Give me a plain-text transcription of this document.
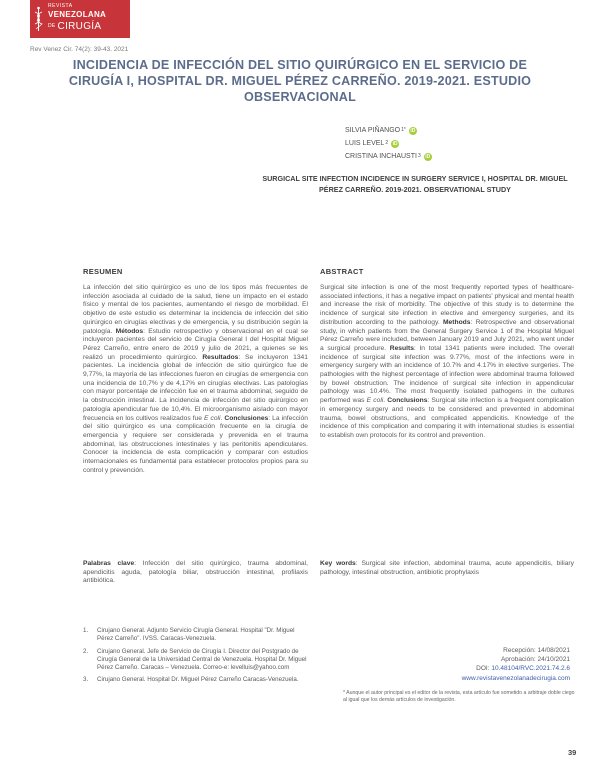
REVISTA
VENEZOLANA
DE CIRUGÍA
Rev Venez Cir. 74(2): 39-43. 2021
INCIDENCIA DE INFECCIÓN DEL SITIO QUIRÚRGICO EN EL SERVICIO DE CIRUGÍA I, HOSPITAL DR. MIGUEL PÉREZ CARREÑO. 2019-2021. ESTUDIO OBSERVACIONAL
SILVIA PIÑANGO 1* iD
LUIS LEVEL 2 iD
CRISTINA INCHAUSTI 3 iD
SURGICAL SITE INFECTION INCIDENCE IN SURGERY SERVICE I, HOSPITAL DR. MIGUEL PÉREZ CARREÑO. 2019-2021. OBSERVATIONAL STUDY
RESUMEN
La infección del sitio quirúrgico es uno de los tipos más frecuentes de infección asociada al cuidado de la salud, tiene un impacto en el estado físico y mental de los pacientes, aumentando el riesgo de morbilidad. El objetivo de este estudio es determinar la incidencia de infección del sitio quirúrgico en cirugías electivas y de emergencia, y su distribución según la patología. Métodos: Estudio retrospectivo y observacional en el cual se incluyeron pacientes del servicio de Cirugía General I del Hospital Miguel Pérez Carreño, entre enero de 2019 y julio de 2021, a quienes se les realizó un procedimiento quirúrgico. Resultados: Se incluyeron 1341 pacientes. La incidencia global de infección de sitio quirúrgico fue de 9,77%, la mayoría de las infecciones fueron en cirugías de emergencia con una incidencia de 10,7% y de 4,17% en cirugías electivas. Las patologías con mayor porcentaje de infección fue en el trauma abdominal, seguido de la obstrucción intestinal. La incidencia de infección del sitio quirúrgico en patología apendicular fue de 10,4%. El microorganismo aislado con mayor frecuencia en los cultivos realizados fue E coli. Conclusiones: La infección del sitio quirúrgico es una complicación frecuente en la cirugía de emergencia y requiere ser considerada y prevenida en el trauma abdominal, las obstrucciones intestinales y las peritonitis apendiculares. Conocer la incidencia de esta complicación y comparar con estudios internacionales es fundamental para establecer protocolos propios para su control y prevención.
ABSTRACT
Surgical site infection is one of the most frequently reported types of healthcare-associated infections, it has a negative impact on patients' physical and mental health and increase the risk of morbidity. The objective of this study is to determine the incidence of surgical site infection in elective and emergency surgeries, and its distribution according to the pathology. Methods: Retrospective and observational study, in which patients from the General Surgery Service 1 of the Hospital Miguel Pérez Carreño were included, between January 2019 and July 2021, who went under a surgical procedure. Results: In total 1341 patients were included. The overall incidence of surgical site infection was 9.77%, most of the infections were in emergency surgery with an incidence of 10.7% and 4.17% in elective surgeries. The pathologies with the highest percentage of infection were abdominal trauma followed by bowel obstruction. The incidence of surgical site infection in appendicular pathology was 10.4%. The most frequently isolated pathogens in the cultures performed was E coli. Conclusions: Surgical site infection is a frequent complication in emergency surgery and needs to be considered and prevented in abdominal trauma, bowel obstructions, and complicated appendicitis. Knowledge of the incidence of this complication and comparing it with international studies is essential to establish own protocols for its control and prevention.
Palabras clave: Infección del sitio quirúrgico, trauma abdominal, apendicitis aguda, patología biliar, obstrucción intestinal, profilaxis antibiótica.
Key words: Surgical site infection, abdominal trauma, acute appendicitis, biliary pathology, intestinal obstruction, antibiotic prophylaxis
1.	Cirujano General. Adjunto Servicio Cirugía General. Hospital "Dr. Miguel Pérez Carreño". IVSS. Caracas-Venezuela.
2.	Cirujano General. Jefe de Servicio de Cirugía I. Director del Postgrado de Cirugía General de la Universidad Central de Venezuela. Hospital Dr. Miguel Pérez Carreño. Caracas – Venezuela. Correo-e: levelluis@yahoo.com
3.	Cirujano General. Hospital Dr. Miguel Pérez Carreño Caracas-Venezuela.
Recepción: 14/08/2021
Aprobación: 24/10/2021
DOI: 10.48104/RVC.2021.74.2.6
www.revistavenezolanadecirugia.com
* Aunque el autor principal es el editor de la revista, esta artículo fue sometido a arbitraje doble ciego al igual que los demás artículos de investigación.
39
